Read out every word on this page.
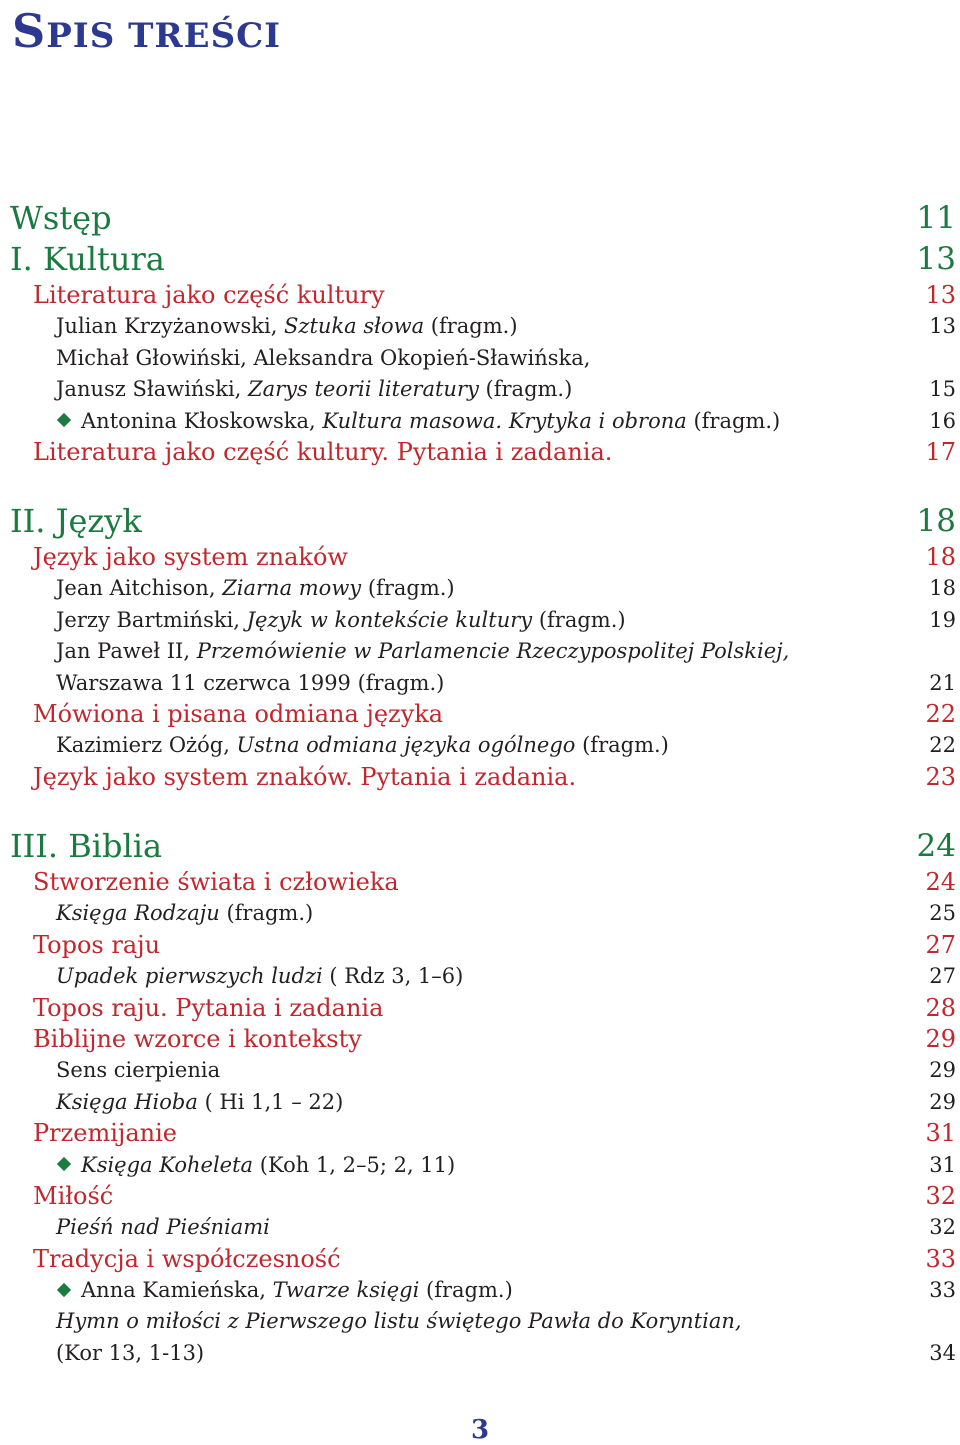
SPIS TREŚCI
Wstęp	11
I. Kultura	13
Literatura jako część kultury	13
Julian Krzyżanowski, Sztuka słowa (fragm.)	13
Michał Głowiński, Aleksandra Okopień-Sławińska,
Janusz Sławiński, Zarys teorii literatury (fragm.)	15
Antonina Kłoskowska, Kultura masowa. Krytyka i obrona (fragm.)	16
Literatura jako część kultury. Pytania i zadania.	17
II. Język	18
Język jako system znaków	18
Jean Aitchison, Ziarna mowy (fragm.)	18
Jerzy Bartmiński, Język w kontekście kultury (fragm.)	19
Jan Paweł II, Przemówienie w Parlamencie Rzeczypospolitej Polskiej,
Warszawa 11 czerwca 1999 (fragm.)	21
Mówiona i pisana odmiana języka	22
Kazimierz Ożóg, Ustna odmiana języka ogólnego (fragm.)	22
Język jako system znaków. Pytania i zadania.	23
III. Biblia	24
Stworzenie świata i człowieka	24
Księga Rodzaju (fragm.)	25
Topos raju	27
Upadek pierwszych ludzi ( Rdz 3, 1–6)	27
Topos raju. Pytania i zadania	28
Biblijne wzorce i konteksty	29
Sens cierpienia	29
Księga Hioba ( Hi 1,1 – 22)	29
Przemijanie	31
Księga Koheleta (Koh 1, 2–5; 2, 11)	31
Miłość	32
Pieśń nad Pieśniami	32
Tradycja i współczesność	33
Anna Kamieńska, Twarze księgi (fragm.)	33
Hymn o miłości z Pierwszego listu świętego Pawła do Koryntian,
(Kor 13, 1-13)	34
3
